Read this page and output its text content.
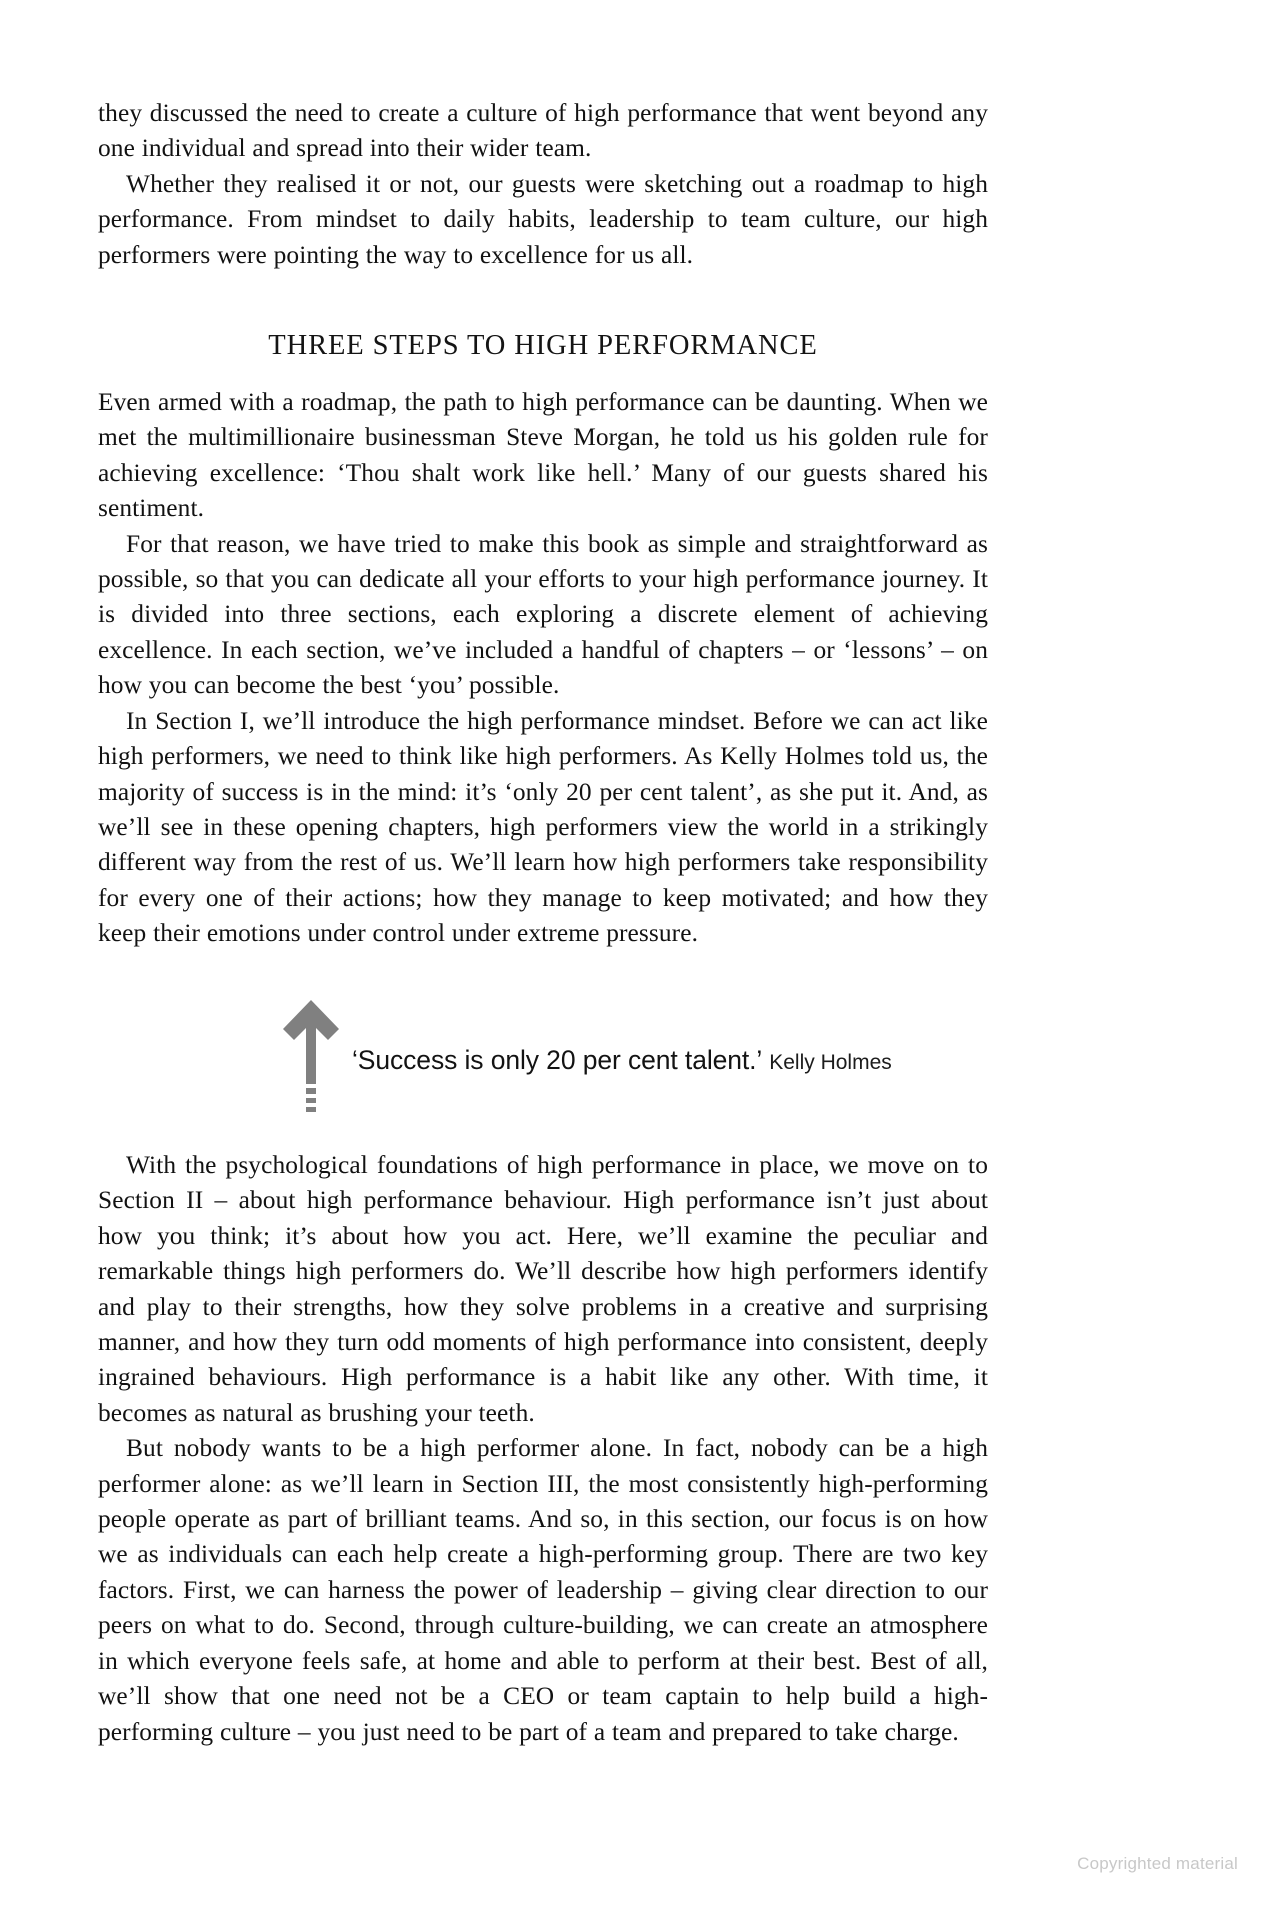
they discussed the need to create a culture of high performance that went beyond any one individual and spread into their wider team.

Whether they realised it or not, our guests were sketching out a roadmap to high performance. From mindset to daily habits, leadership to team culture, our high performers were pointing the way to excellence for us all.

THREE STEPS TO HIGH PERFORMANCE

Even armed with a roadmap, the path to high performance can be daunting. When we met the multimillionaire businessman Steve Morgan, he told us his golden rule for achieving excellence: ‘Thou shalt work like hell.’ Many of our guests shared his sentiment.

For that reason, we have tried to make this book as simple and straightforward as possible, so that you can dedicate all your efforts to your high performance journey. It is divided into three sections, each exploring a discrete element of achieving excellence. In each section, we’ve included a handful of chapters – or ‘lessons’ – on how you can become the best ‘you’ possible.

In Section I, we’ll introduce the high performance mindset. Before we can act like high performers, we need to think like high performers. As Kelly Holmes told us, the majority of success is in the mind: it’s ‘only 20 per cent talent’, as she put it. And, as we’ll see in these opening chapters, high performers view the world in a strikingly different way from the rest of us. We’ll learn how high performers take responsibility for every one of their actions; how they manage to keep motivated; and how they keep their emotions under control under extreme pressure.

‘Success is only 20 per cent talent.’ Kelly Holmes

With the psychological foundations of high performance in place, we move on to Section II – about high performance behaviour. High performance isn’t just about how you think; it’s about how you act. Here, we’ll examine the peculiar and remarkable things high performers do. We’ll describe how high performers identify and play to their strengths, how they solve problems in a creative and surprising manner, and how they turn odd moments of high performance into consistent, deeply ingrained behaviours. High performance is a habit like any other. With time, it becomes as natural as brushing your teeth.

But nobody wants to be a high performer alone. In fact, nobody can be a high performer alone: as we’ll learn in Section III, the most consistently high-performing people operate as part of brilliant teams. And so, in this section, our focus is on how we as individuals can each help create a high-performing group. There are two key factors. First, we can harness the power of leadership – giving clear direction to our peers on what to do. Second, through culture-building, we can create an atmosphere in which everyone feels safe, at home and able to perform at their best. Best of all, we’ll show that one need not be a CEO or team captain to help build a high-performing culture – you just need to be part of a team and prepared to take charge.

Copyrighted material
